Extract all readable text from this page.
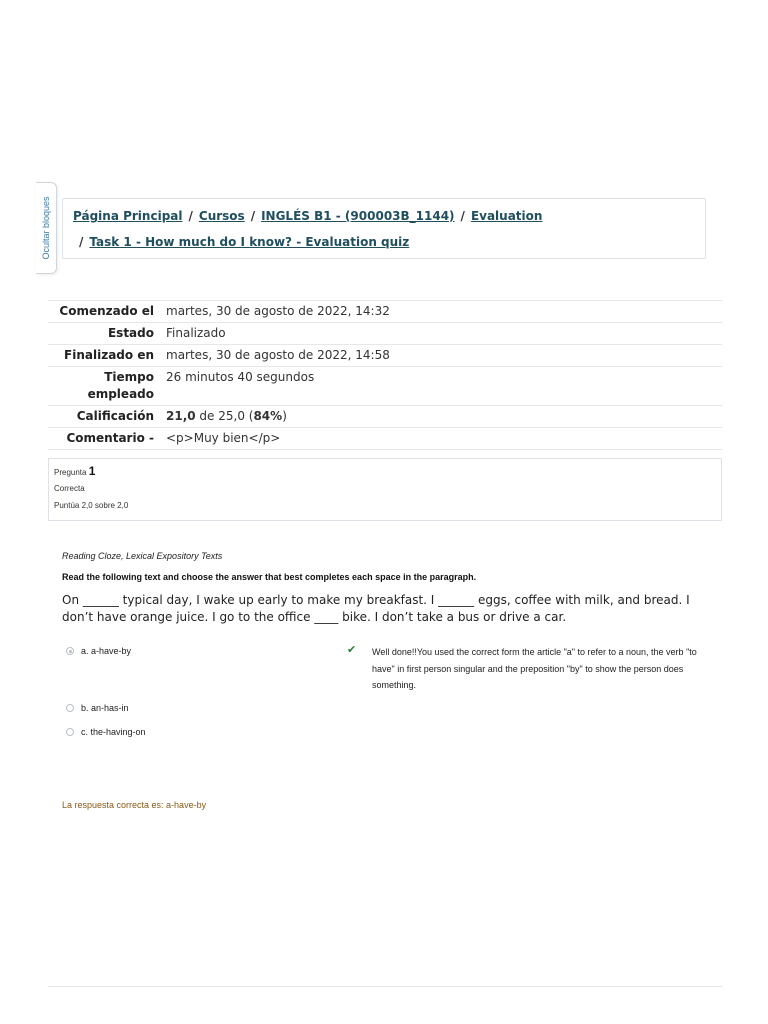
Ocultar bloques Página Principal / Cursos / INGLÉS B1 - (900003B_1144) / Evaluation
/ Task 1 - How much do I know? - Evaluation quiz
Comenzado el	martes, 30 de agosto de 2022, 14:32
Estado	Finalizado
Finalizado en	martes, 30 de agosto de 2022, 14:58
Tiempo empleado	26 minutos 40 segundos
Calificación	21,0 de 25,0 (84%)
Comentario -	<p>Muy bien</p>
Pregunta 1
Correcta
Puntúa 2,0 sobre 2,0
Reading Cloze, Lexical Expository Texts
Read the following text and choose the answer that best completes each space in the paragraph.
On ______ typical day, I wake up early to make my breakfast. I ______ eggs, coffee with milk, and bread. I don’t have orange juice. I go to the office ____ bike. I don’t take a bus or drive a car.
a. a-have-by
b. an-has-in
c. the-having-on
✔ Well done!!You used the correct form the article "a" to refer to a noun, the verb "to have" in first person singular and the preposition "by" to show the person does something.
La respuesta correcta es: a-have-by
